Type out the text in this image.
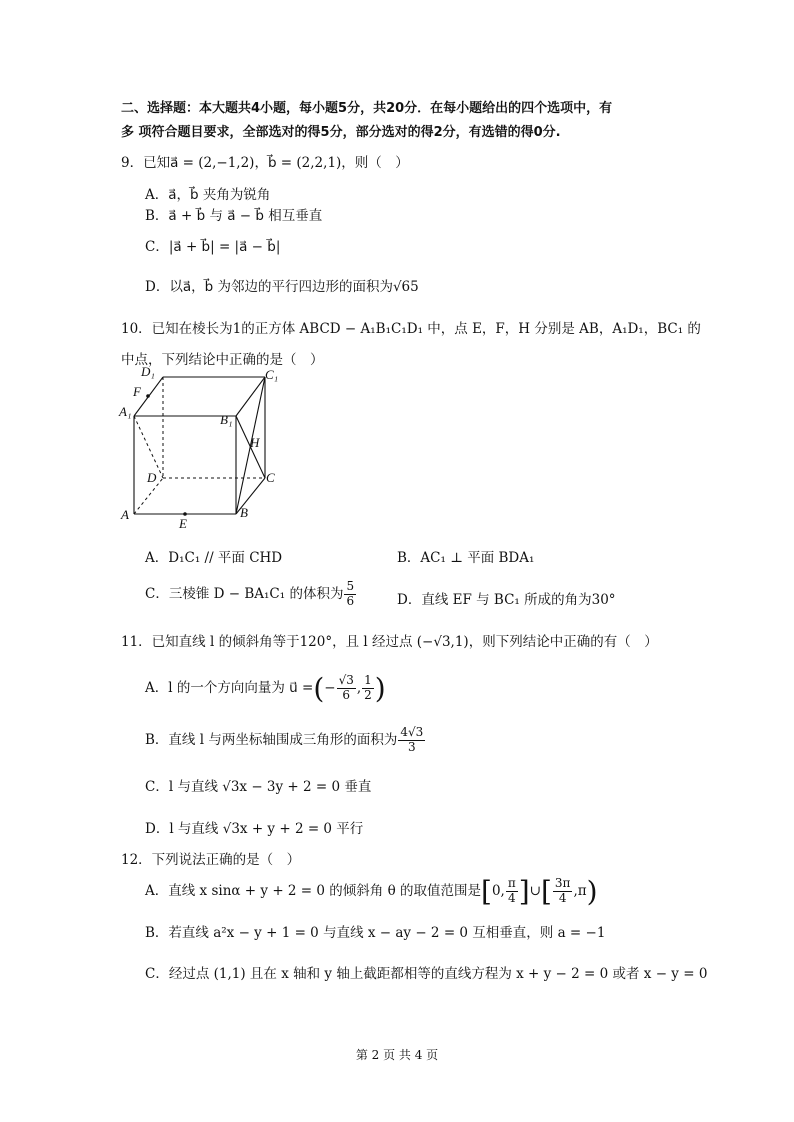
二、选择题：本大题共4小题，每小题5分，共20分．在每小题给出的四个选项中，有
多 项符合题目要求，全部选对的得5分，部分选对的得2分，有选错的得0分.
9．已知a⃗ = (2,−1,2)，b⃗ = (2,2,1)，则（　）
A．a⃗，b⃗ 夹角为锐角
B．a⃗ + b⃗ 与 a⃗ − b⃗ 相互垂直
C．|a⃗ + b⃗| = |a⃗ − b⃗|
D．以a⃗，b⃗ 为邻边的平行四边形的面积为√65
10．已知在棱长为1的正方体 ABCD − A₁B₁C₁D₁ 中，点 E，F，H 分别是 AB，A₁D₁，BC₁ 的
中点，下列结论中正确的是（　）
D₁	C₁
F
A₁
B₁
H
D	C
A	B
E
A．D₁C₁ // 平面 CHD	B．AC₁ ⊥ 平面 BDA₁
C．三棱锥 D − BA₁C₁ 的体积为 $\frac{5}{6}$	D．直线 EF 与 BC₁ 所成的角为30°
11．已知直线 l 的倾斜角等于120°，且 l 经过点 (−√3,1)，则下列结论中正确的有（　）
A．l 的一个方向向量为 u⃗ =(− $\frac{√3}{6}$ , $\frac{1}{2}$ )
B．直线 l 与两坐标轴围成三角形的面积为 $\frac{4√3}{3}$
C．l 与直线 √3x − 3y + 2 = 0 垂直
D．l 与直线 √3x + y + 2 = 0 平行
12．下列说法正确的是（　）
A．直线 x sinα + y + 2 = 0 的倾斜角 θ 的取值范围是[0, $\frac{\pi}{4}$ ]∪[ $\frac{3\pi}{4} ,\pi$)
B．若直线 a²x − y + 1 = 0 与直线 x − ay − 2 = 0 互相垂直，则 a = −1
C．经过点 (1,1) 且在 x 轴和 y 轴上截距都相等的直线方程为 x + y − 2 = 0 或者 x − y = 0
第 2 页 共 4 页
